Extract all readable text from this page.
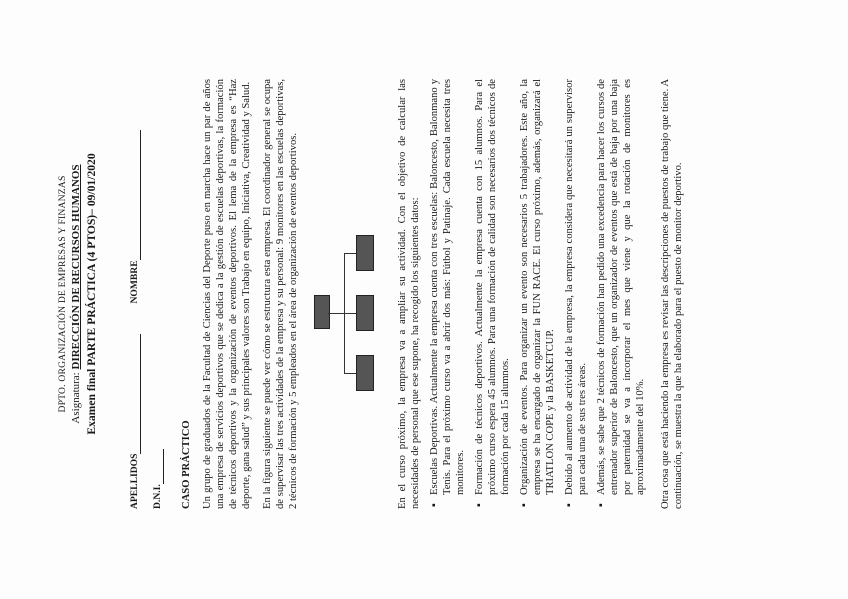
DPTO. ORGANIZACIÓN DE EMPRESAS Y FINANZAS Asignatura: DIRECCIÓN DE RECURSOS HUMANOS Examen final PARTE PRÁCTICA (4 PTOS)– 09/01/2020
APELLIDOS
NOMBRE
D.N.I. CASO PRÁCTICO Un grupo de graduados de la Facultad de Ciencias del Deporte puso en marcha hace un par de años una empresa de servicios deportivos que se dedica a la gestión de escuelas deportivas, la formación de técnicos deportivos y la organización de eventos deportivos. El lema de la empresa es “Haz deporte, gana salud” y sus principales valores son Trabajo en equipo, Iniciativa, Creatividad y Salud. En la figura siguiente se puede ver cómo se estructura esta empresa. El coordinador general se ocupa de supervisar las tres actividades de la empresa y su personal: 9 monitores en las escuelas deportivas, 2 técnicos de formación y 5 empleados en el área de organización de eventos deportivos.	En el curso próximo, la empresa va a ampliar su actividad. Con el objetivo de calcular las necesidades de personal que ese supone, ha recogido los siguientes datos: ▪ Escuelas Deportivas. Actualmente la empresa cuenta con tres escuelas: Baloncesto, Balonmano y Tenis. Para el próximo curso va a abrir dos más: Fútbol y Patinaje. Cada escuela necesita tres monitores. ▪ Formación de técnicos deportivos. Actualmente la empresa cuenta con 15 alumnos. Para el próximo curso espera 45 alumnos. Para una formación de calidad son necesarios dos técnicos de formación por cada 15 alumnos. ▪ Organización de eventos. Para organizar un evento son necesarios 5 trabajadores. Este año, la empresa se ha encargado de organizar la FUN RACE. El curso próximo, además, organizará el TRIATLON COPE y la BASKETCUP. ▪ Debido al aumento de actividad de la empresa, la empresa considera que necesitará un supervisor para cada una de sus tres áreas. ▪ Además, se sabe que 2 técnicos de formación han pedido una excedencia para hacer los cursos de entrenador superior de Baloncesto, que un organizador de eventos que está de baja por una baja por paternidad se va a incorporar el mes que viene y que la rotación de monitores es aproximadamente del 10%. Otra cosa que está haciendo la empresa es revisar las descripciones de puestos de trabajo que tiene. A continuación, se muestra la que ha elaborado para el puesto de monitor deportivo.
